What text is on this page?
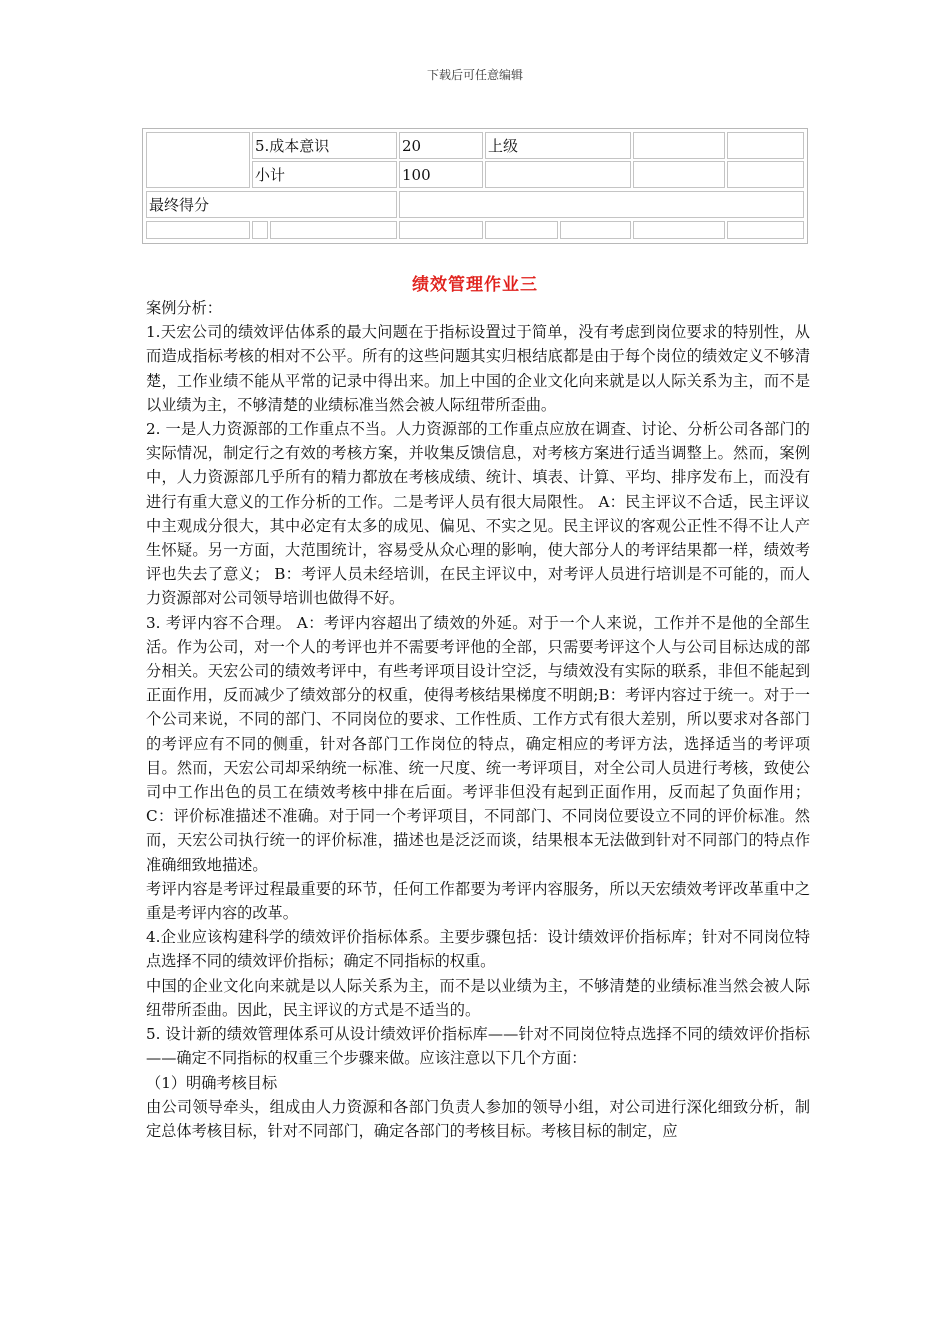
下载后可任意编辑
5.成本意识	20	上级
小计	100
最终得分
绩效管理作业三

案例分析：

1.天宏公司的绩效评估体系的最大问题在于指标设置过于简单，没有考虑到岗位要求的特别性，从而造成指标考核的相对不公平。所有的这些问题其实归根结底都是由于每个岗位的绩效定义不够清楚，工作业绩不能从平常的记录中得出来。加上中国的企业文化向来就是以人际关系为主，而不是以业绩为主，不够清楚的业绩标准当然会被人际纽带所歪曲。

2. 一是人力资源部的工作重点不当。人力资源部的工作重点应放在调查、讨论、分析公司各部门的实际情况，制定行之有效的考核方案，并收集反馈信息，对考核方案进行适当调整上。然而，案例中，人力资源部几乎所有的精力都放在考核成绩、统计、填表、计算、平均、排序发布上，而没有进行有重大意义的工作分析的工作。二是考评人员有很大局限性。 A：民主评议不合适，民主评议中主观成分很大，其中必定有太多的成见、偏见、不实之见。民主评议的客观公正性不得不让人产生怀疑。另一方面，大范围统计，容易受从众心理的影响，使大部分人的考评结果都一样，绩效考评也失去了意义； B：考评人员未经培训，在民主评议中，对考评人员进行培训是不可能的，而人力资源部对公司领导培训也做得不好。

3. 考评内容不合理。 A：考评内容超出了绩效的外延。对于一个人来说，工作并不是他的全部生活。作为公司，对一个人的考评也并不需要考评他的全部，只需要考评这个人与公司目标达成的部分相关。天宏公司的绩效考评中，有些考评项目设计空泛，与绩效没有实际的联系，非但不能起到正面作用，反而减少了绩效部分的权重，使得考核结果梯度不明朗;B：考评内容过于统一。对于一个公司来说，不同的部门、不同岗位的要求、工作性质、工作方式有很大差别，所以要求对各部门的考评应有不同的侧重，针对各部门工作岗位的特点，确定相应的考评方法，选择适当的考评项目。然而，天宏公司却采纳统一标准、统一尺度、统一考评项目，对全公司人员进行考核，致使公司中工作出色的员工在绩效考核中排在后面。考评非但没有起到正面作用，反而起了负面作用； C：评价标准描述不准确。对于同一个考评项目，不同部门、不同岗位要设立不同的评价标准。然而，天宏公司执行统一的评价标准，描述也是泛泛而谈，结果根本无法做到针对不同部门的特点作准确细致地描述。

考评内容是考评过程最重要的环节，任何工作都要为考评内容服务，所以天宏绩效考评改革重中之重是考评内容的改革。

4.企业应该构建科学的绩效评价指标体系。主要步骤包括：设计绩效评价指标库；针对不同岗位特点选择不同的绩效评价指标；确定不同指标的权重。

中国的企业文化向来就是以人际关系为主，而不是以业绩为主，不够清楚的业绩标准当然会被人际纽带所歪曲。因此，民主评议的方式是不适当的。

5. 设计新的绩效管理体系可从设计绩效评价指标库——针对不同岗位特点选择不同的绩效评价指标——确定不同指标的权重三个步骤来做。应该注意以下几个方面：

（1）明确考核目标

由公司领导牵头，组成由人力资源和各部门负责人参加的领导小组，对公司进行深化细致分析，制定总体考核目标，针对不同部门，确定各部门的考核目标。考核目标的制定，应
